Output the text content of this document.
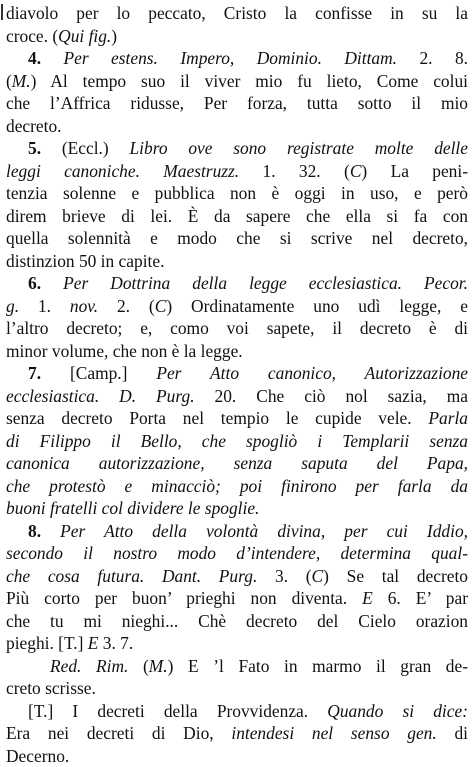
diavolo per lo peccato, Cristo la confisse in su la
croce. (Qui fig.)
4. Per estens. Impero, Dominio. Dittam. 2. 8.
(M.) Al tempo suo il viver mio fu lieto, Come colui
che l’Affrica ridusse, Per forza, tutta sotto il mio
decreto.
5. (Eccl.) Libro ove sono registrate molte delle
leggi canoniche. Maestruzz. 1. 32. (C) La peni-
tenzia solenne e pubblica non è oggi in uso, e però
direm brieve di lei. È da sapere che ella si fa con
quella solennità e modo che si scrive nel decreto,
distinzion 50 in capite.
6. Per Dottrina della legge ecclesiastica. Pecor.
g. 1. nov. 2. (C) Ordinatamente uno udì legge, e
l’altro decreto; e, como voi sapete, il decreto è di
minor volume, che non è la legge.
7. [Camp.] Per Atto canonico, Autorizzazione
ecclesiastica. D. Purg. 20. Che ciò nol sazia, ma
senza decreto Porta nel tempio le cupide vele. Parla
di Filippo il Bello, che spogliò i Templarii senza
canonica autorizzazione, senza saputa del Papa,
che protestò e minacciò; poi finirono per farla da
buoni fratelli col dividere le spoglie.
8. Per Atto della volontà divina, per cui Iddio,
secondo il nostro modo d’intendere, determina qual-
che cosa futura. Dant. Purg. 3. (C) Se tal decreto
Più corto per buon’ prieghi non diventa. E 6. E’ par
che tu mi nieghi... Chè decreto del Cielo orazion
pieghi. [T.] E 3. 7.
Red. Rim. (M.) E ’l Fato in marmo il gran de-
creto scrisse.
[T.] I decreti della Provvidenza. Quando si dice:
Era nei decreti di Dio, intendesi nel senso gen. di
Decerno.
